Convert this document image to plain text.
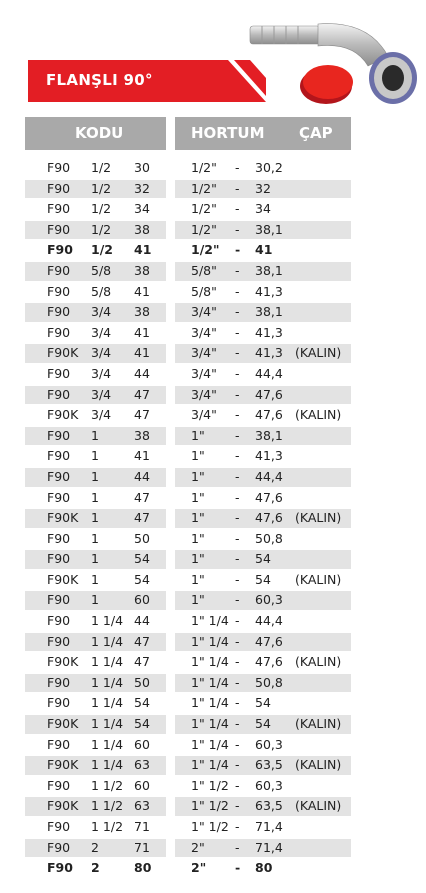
FLANŞLI 90°
KODU	HORTUM ÇAP
F90 1/2 30	1/2" - 30,2
F90 1/2 32	1/2" - 32
F90 1/2 34	1/2" - 34
F90 1/2 38	1/2" - 38,1
F90 1/2 41	1/2" - 41
F90 5/8 38	5/8" - 38,1
F90 5/8 41	5/8" - 41,3
F90 3/4 38	3/4" - 38,1
F90 3/4 41	3/4" - 41,3
F90K 3/4 41	3/4" - 41,3 (KALIN)
F90 3/4 44	3/4" - 44,4
F90 3/4 47	3/4" - 47,6
F90K 3/4 47	3/4" - 47,6 (KALIN)
F90 1	38	1" - 38,1
F90 1	41	1" - 41,3
F90 1	44	1" - 44,4
F90 1	47	1" - 47,6
F90K 1	47	1" - 47,6 (KALIN)
F90 1	50	1" - 50,8
F90 1	54	1" - 54
F90K 1	54	1" - 54 (KALIN)
F90 1	60	1" - 60,3
F90 1 1/4 44	1" 1/4 - 44,4
F90 1 1/4 47	1" 1/4 - 47,6
F90K 1 1/4 47	1" 1/4 - 47,6 (KALIN)
F90 1 1/4 50	1" 1/4 - 50,8
F90 1 1/4 54	1" 1/4 - 54
F90K 1 1/4 54	1" 1/4 - 54 (KALIN)
F90 1 1/4 60	1" 1/4 - 60,3
F90K 1 1/4 63	1" 1/4 - 63,5 (KALIN)
F90 1 1/2 60	1" 1/2 - 60,3
F90K 1 1/2 63	1" 1/2 - 63,5 (KALIN)
F90 1 1/2 71	1" 1/2 - 71,4
F90 2	71	2" - 71,4
F90 2	80	2" - 80
